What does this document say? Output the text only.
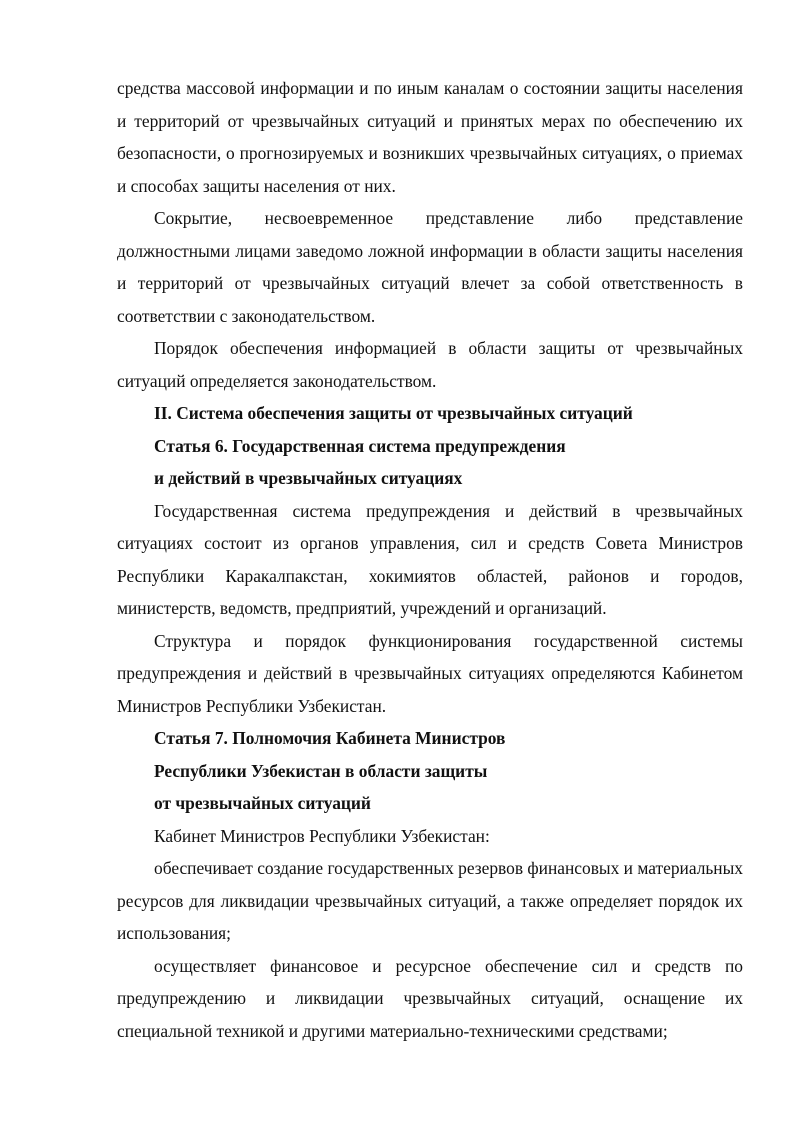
средства массовой информации и по иным каналам о состоянии защиты населения и территорий от чрезвычайных ситуаций и принятых мерах по обеспечению их безопасности, о прогнозируемых и возникших чрезвычайных ситуациях, о приемах и способах защиты населения от них.

Сокрытие, несвоевременное представление либо представление должностными лицами заведомо ложной информации в области защиты населения и территорий от чрезвычайных ситуаций влечет за собой ответственность в соответствии с законодательством.

Порядок обеспечения информацией в области защиты от чрезвычайных ситуаций определяется законодательством.

II. Система обеспечения защиты от чрезвычайных ситуаций

Статья 6. Государственная система предупреждения

и действий в чрезвычайных ситуациях

Государственная система предупреждения и действий в чрезвычайных ситуациях состоит из органов управления, сил и средств Совета Министров Республики Каракалпакстан, хокимиятов областей, районов и городов, министерств, ведомств, предприятий, учреждений и организаций.

Структура и порядок функционирования государственной системы предупреждения и действий в чрезвычайных ситуациях определяются Кабинетом Министров Республики Узбекистан.

Статья 7. Полномочия Кабинета Министров

Республики Узбекистан в области защиты

от чрезвычайных ситуаций

Кабинет Министров Республики Узбекистан:

обеспечивает создание государственных резервов финансовых и материальных ресурсов для ликвидации чрезвычайных ситуаций, а также определяет порядок их использования;

осуществляет финансовое и ресурсное обеспечение сил и средств по предупреждению и ликвидации чрезвычайных ситуаций, оснащение их специальной техникой и другими материально-техническими средствами;
